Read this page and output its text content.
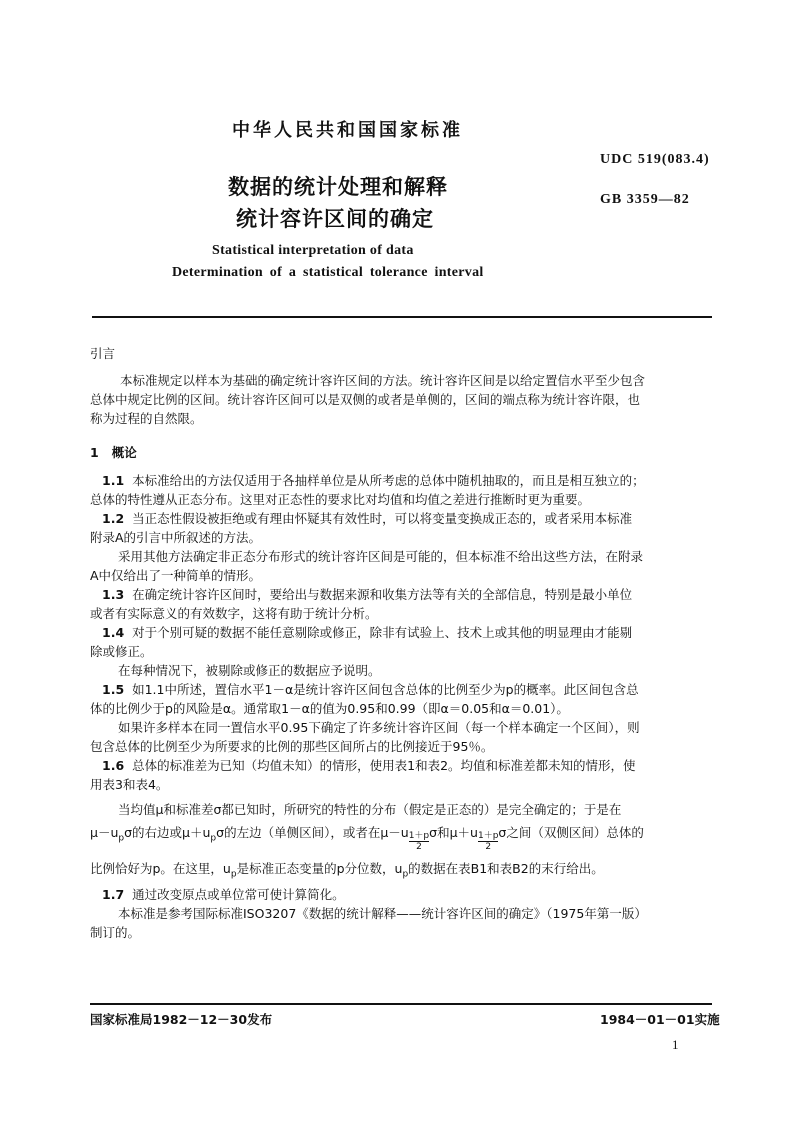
中华人民共和国国家标准
UDC 519(083.4)
数据的统计处理和解释
GB 3359—82
统计容许区间的确定
Statistical interpretation of data
Determination of a statistical tolerance interval

引言

本标准规定以样本为基础的确定统计容许区间的方法。统计容许区间是以给定置信水平至少包含

总体中规定比例的区间。统计容许区间可以是双侧的或者是单侧的，区间的端点称为统计容许限，也

称为过程的自然限。

1 概论

1.1 本标准给出的方法仅适用于各抽样单位是从所考虑的总体中随机抽取的，而且是相互独立的；

总体的特性遵从正态分布。这里对正态性的要求比对均值和均值之差进行推断时更为重要。

1.2 当正态性假设被拒绝或有理由怀疑其有效性时，可以将变量变换成正态的，或者采用本标准

附录A的引言中所叙述的方法。

采用其他方法确定非正态分布形式的统计容许区间是可能的，但本标准不给出这些方法，在附录

A中仅给出了一种简单的情形。

1.3 在确定统计容许区间时，要给出与数据来源和收集方法等有关的全部信息，特别是最小单位

或者有实际意义的有效数字，这将有助于统计分析。

1.4 对于个别可疑的数据不能任意剔除或修正，除非有试验上、技术上或其他的明显理由才能剔

除或修正。

在每种情况下，被剔除或修正的数据应予说明。

1.5 如1.1中所述，置信水平1－α是统计容许区间包含总体的比例至少为p的概率。此区间包含总

体的比例少于p的风险是α。通常取1－α的值为0.95和0.99（即α＝0.05和α＝0.01）。

如果许多样本在同一置信水平0.95下确定了许多统计容许区间（每一个样本确定一个区间），则

包含总体的比例至少为所要求的比例的那些区间所占的比例接近于95％。

1.6 总体的标准差为已知（均值未知）的情形，使用表1和表2。均值和标准差都未知的情形，使

用表3和表4。

当均值μ和标准差σ都已知时，所研究的特性的分布（假定是正态的）是完全确定的；于是在

$\mu-u_p\sigma$的右边或$\mu+u_p\sigma$的左边（单侧区间），或者在$\mu-u \frac{1+p}{2}$ σ和$\mu+u \frac{1+p}{2}$ σ之间（双侧区间）总体的

比例恰好为p。在这里，$u_p$是标准正态变量的p分位数，$u_p$的数据在表B1和表B2的末行给出。

1.7 通过改变原点或单位常可使计算简化。

本标准是参考国际标准ISO3207《数据的统计解释——统计容许区间的确定》（1975年第一版）

制订的。

国家标准局1982－12－30发布	1984－01－01实施
1
